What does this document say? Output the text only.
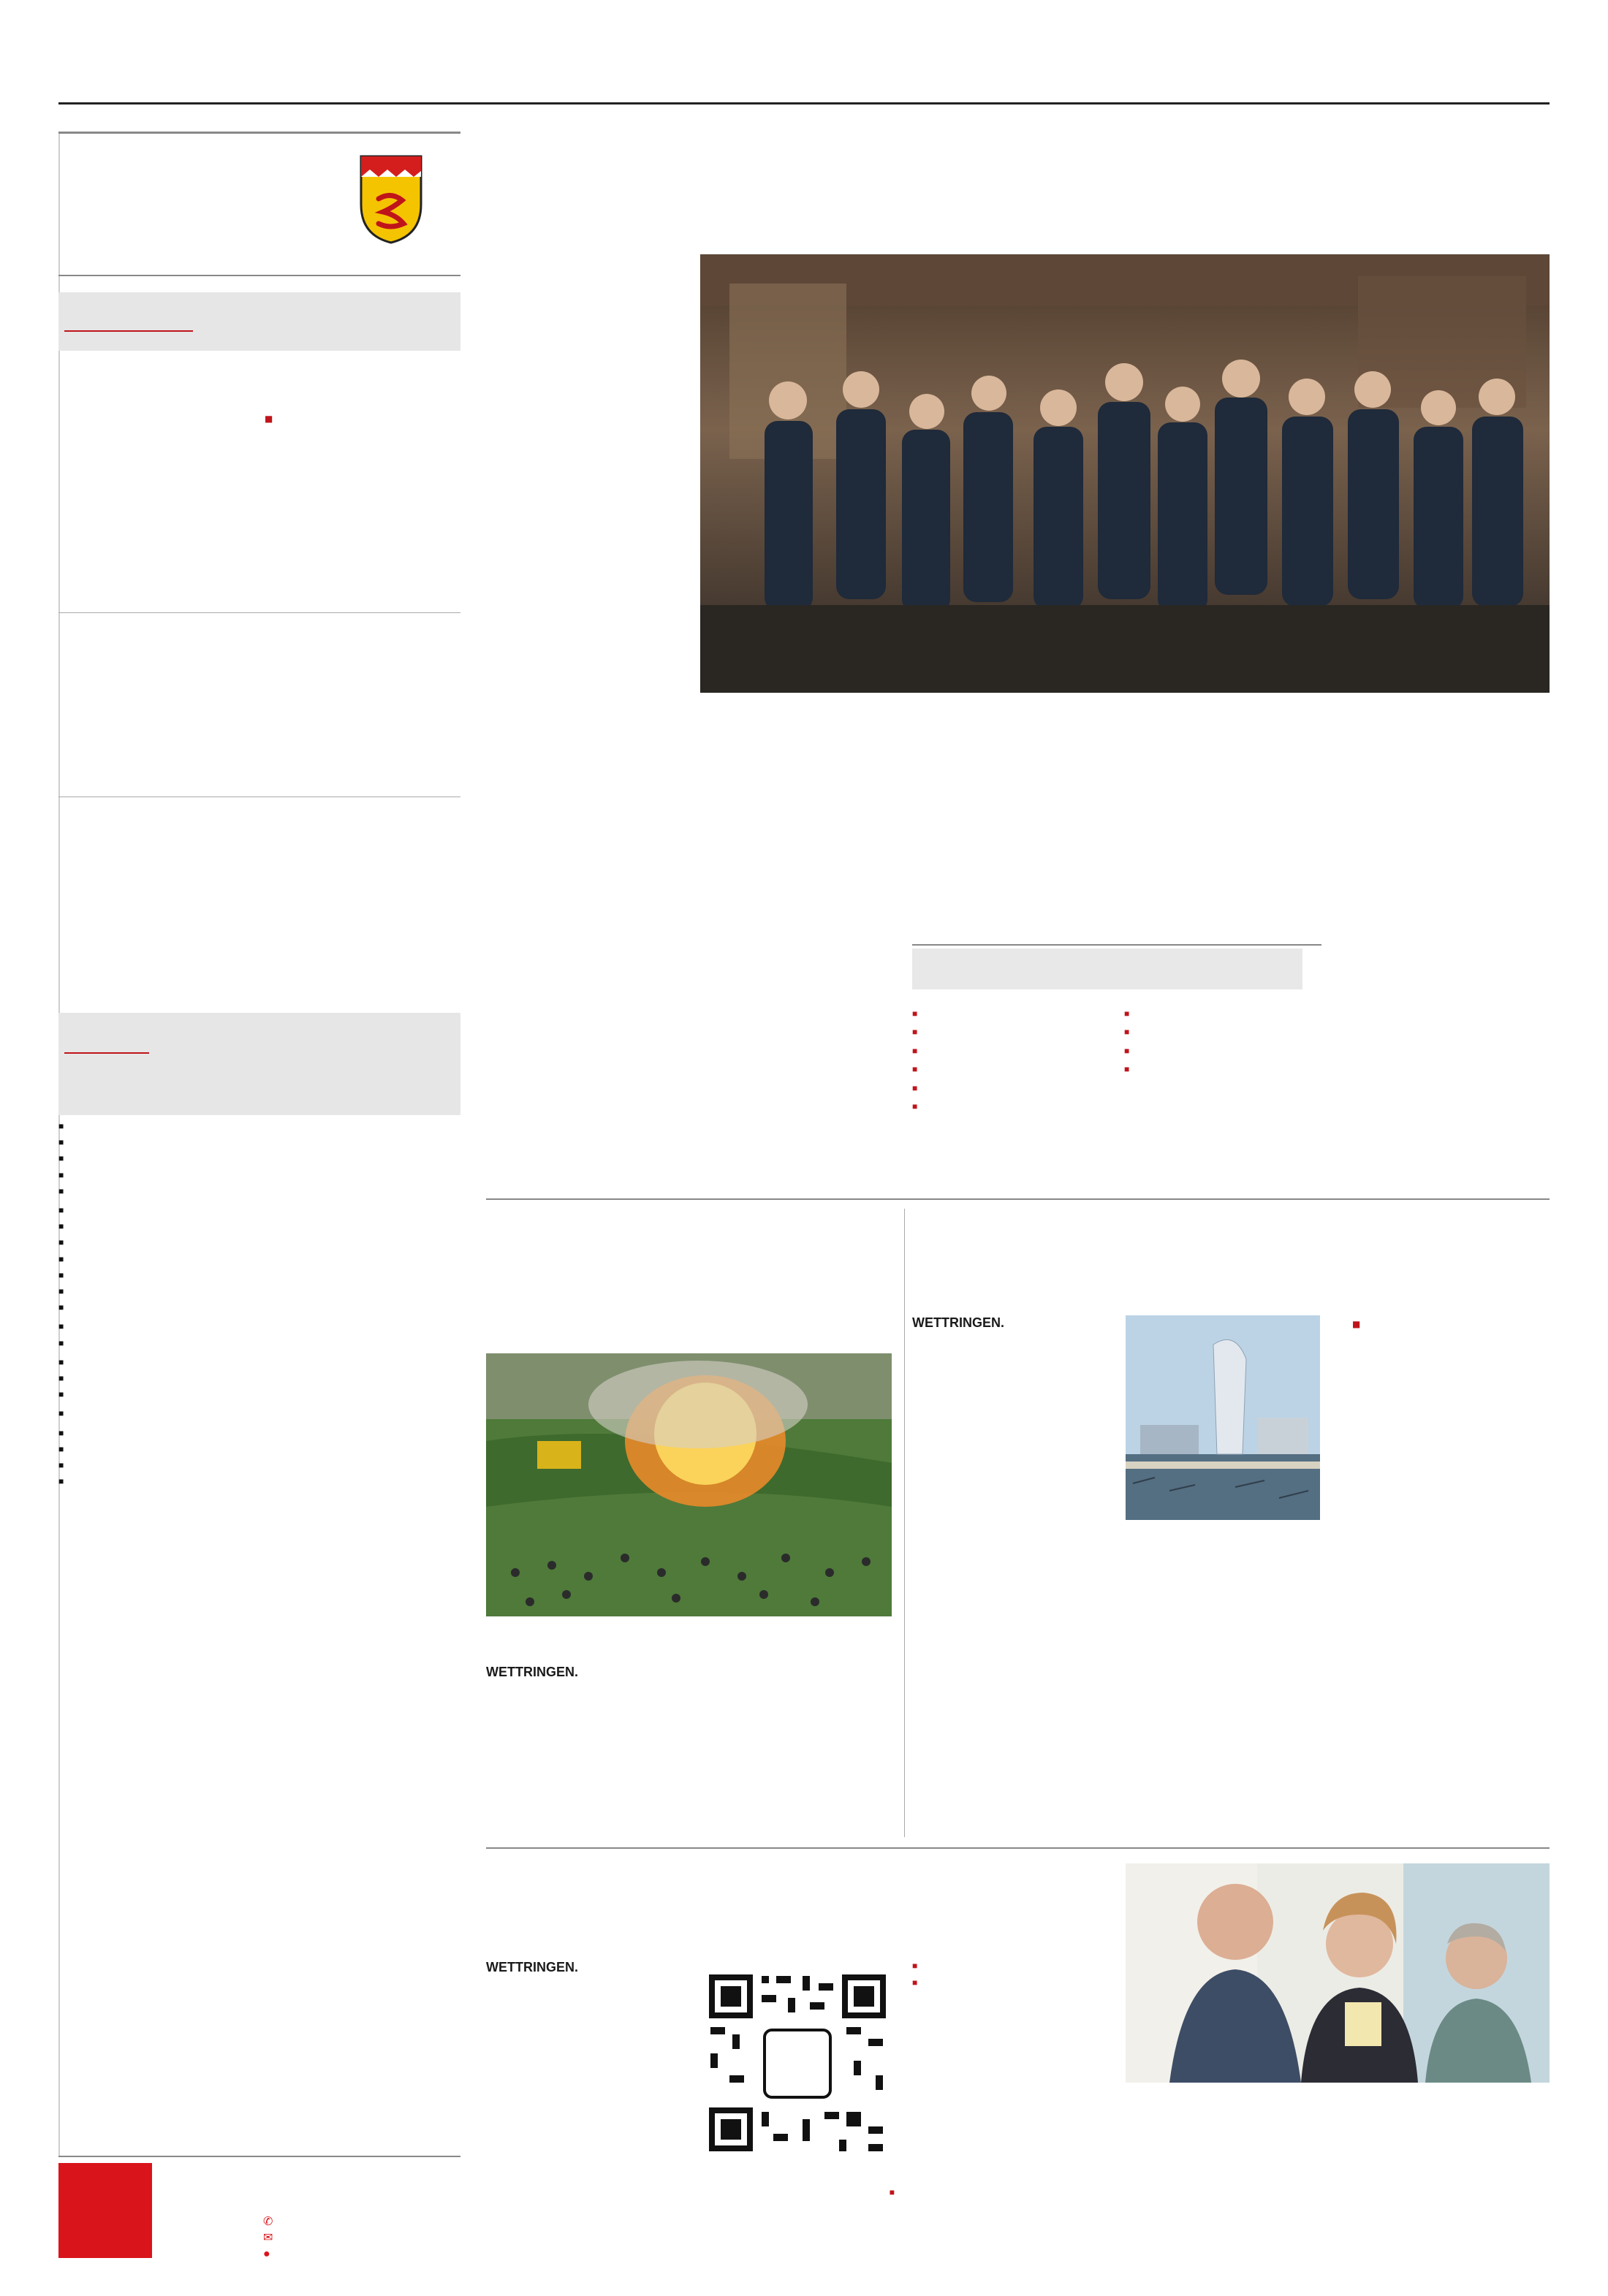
■

■
■
■
■
■
■
■
■
■
■
■
■
■
■
■
■
■
■
■
■
■
■
✆
✉
●

■

■

■

■

■

■

■

■

■

■

WETTRINGEN.

WETTRINGEN.	■

WETTRINGEN.

■

■

■
